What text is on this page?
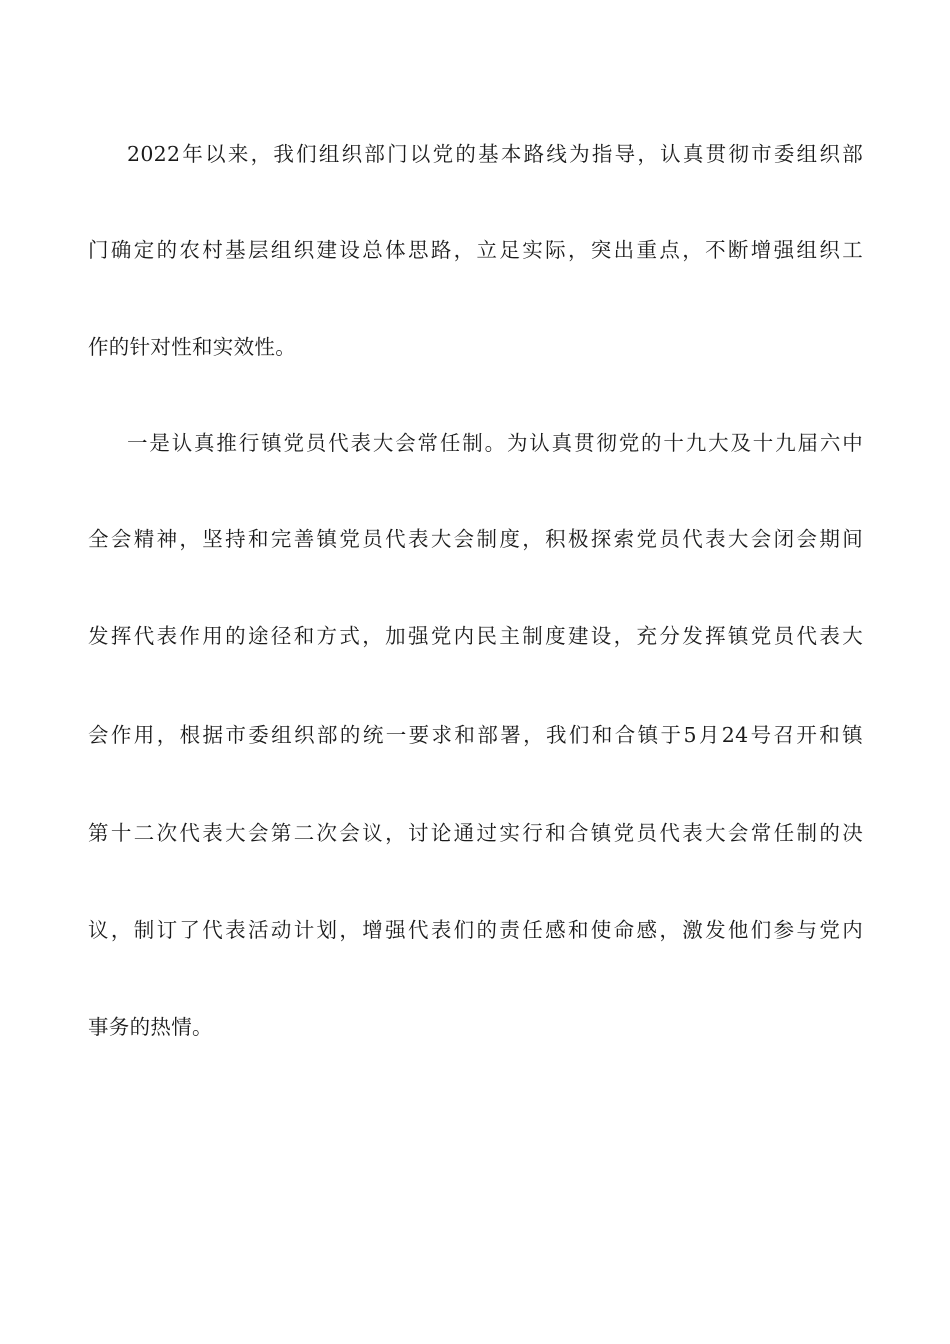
2022年以来，我们组织部门以党的基本路线为指导，认真贯彻市委组织部
门确定的农村基层组织建设总体思路，立足实际，突出重点，不断增强组织工
作的针对性和实效性。
一是认真推行镇党员代表大会常任制。为认真贯彻党的十九大及十九届六中
全会精神，坚持和完善镇党员代表大会制度，积极探索党员代表大会闭会期间
发挥代表作用的途径和方式，加强党内民主制度建设，充分发挥镇党员代表大
会作用，根据市委组织部的统一要求和部署，我们和合镇于5月24号召开和镇
第十二次代表大会第二次会议，讨论通过实行和合镇党员代表大会常任制的决
议，制订了代表活动计划，增强代表们的责任感和使命感，激发他们参与党内
事务的热情。
